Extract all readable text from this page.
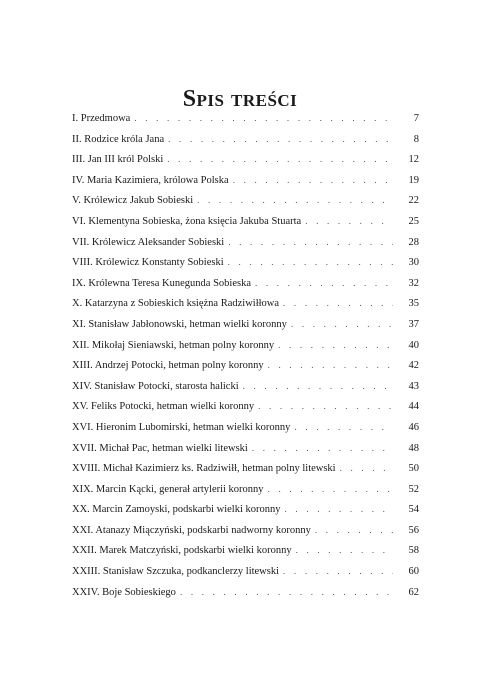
Spis treści
I. Przedmowa . . .	7
II. Rodzice króla Jana . . .	8
III. Jan III król Polski . . .	12
IV. Maria Kazimiera, królowa Polska . . .	19
V. Królewicz Jakub Sobieski . . .	22
VI. Klementyna Sobieska, żona księcia Jakuba Stuarta . . .	25
VII. Królewicz Aleksander Sobieski . . .	28
VIII. Królewicz Konstanty Sobieski . . .	30
IX. Królewna Teresa Kunegunda Sobieska . . .	32
X. Katarzyna z Sobieskich księżna Radziwiłłowa . . .	35
XI. Stanisław Jabłonowski, hetman wielki koronny . . .	37
XII. Mikołaj Sieniawski, hetman polny koronny . . .	40
XIII. Andrzej Potocki, hetman polny koronny . . .	42
XIV. Stanisław Potocki, starosta halicki . . .	43
XV. Feliks Potocki, hetman wielki koronny . . .	44
XVI. Hieronim Lubomirski, hetman wielki koronny . . .	46
XVII. Michał Pac, hetman wielki litewski . . .	48
XVIII. Michał Kazimierz ks. Radziwiłł, hetman polny litewski . . .	50
XIX. Marcin Kącki, generał artylerii koronny . . .	52
XX. Marcin Zamoyski, podskarbi wielki koronny . . .	54
XXI. Atanazy Miączyński, podskarbi nadworny koronny . . .	56
XXII. Marek Matczyński, podskarbi wielki koronny . . .	58
XXIII. Stanisław Szczuka, podkanclerzy litewski . . .	60
XXIV. Boje Sobieskiego . . .	62
